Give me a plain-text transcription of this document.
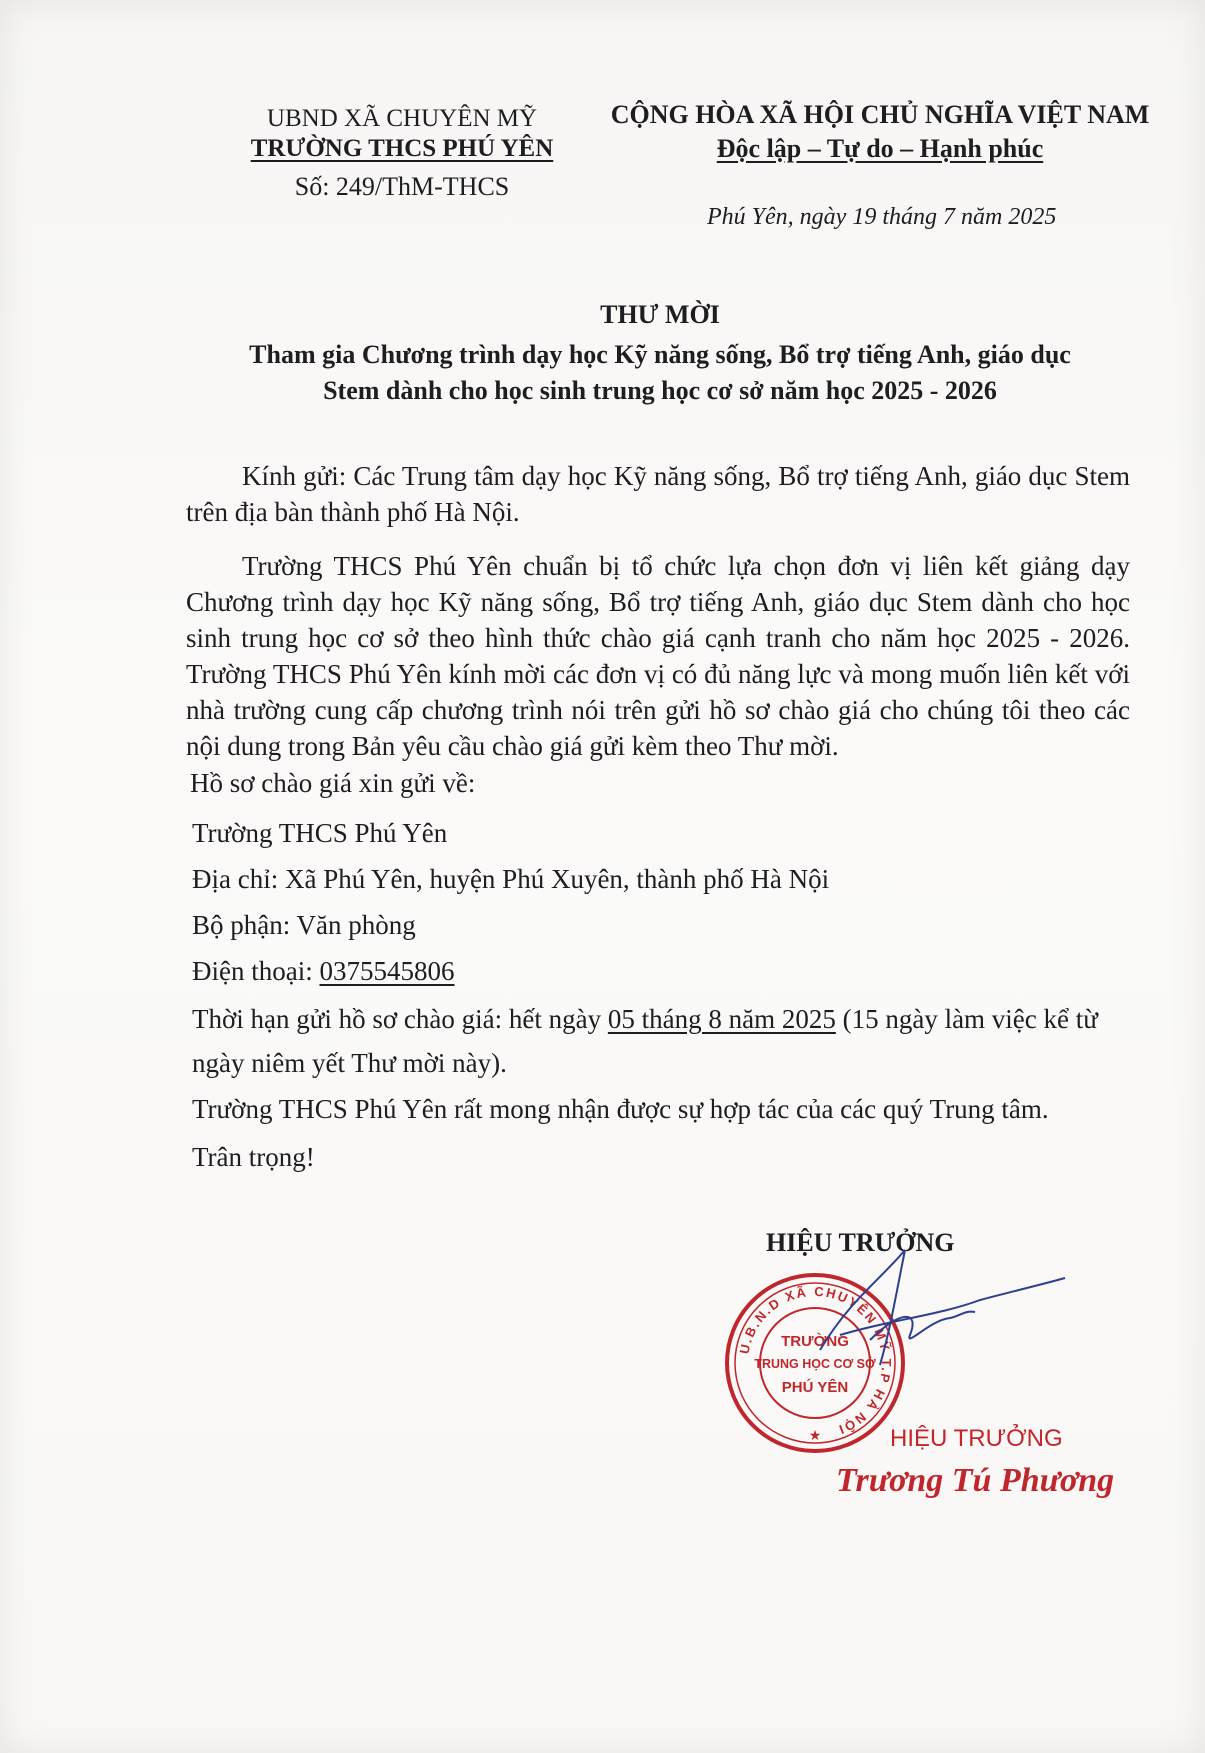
UBND XÃ CHUYÊN MỸ
TRƯỜNG THCS PHÚ YÊN
Số: 249/ThM-THCS
CỘNG HÒA XÃ HỘI CHỦ NGHĨA VIỆT NAM
Độc lập – Tự do – Hạnh phúc
Phú Yên, ngày 19 tháng 7 năm 2025
THƯ MỜI
Tham gia Chương trình dạy học Kỹ năng sống, Bổ trợ tiếng Anh, giáo dục
Stem dành cho học sinh trung học cơ sở năm học 2025 - 2026
Kính gửi: Các Trung tâm dạy học Kỹ năng sống, Bổ trợ tiếng Anh, giáo dục Stem trên địa bàn thành phố Hà Nội.
Trường THCS Phú Yên chuẩn bị tổ chức lựa chọn đơn vị liên kết giảng dạy Chương trình dạy học Kỹ năng sống, Bổ trợ tiếng Anh, giáo dục Stem dành cho học sinh trung học cơ sở theo hình thức chào giá cạnh tranh cho năm học 2025 - 2026. Trường THCS Phú Yên kính mời các đơn vị có đủ năng lực và mong muốn liên kết với nhà trường cung cấp chương trình nói trên gửi hồ sơ chào giá cho chúng tôi theo các nội dung trong Bản yêu cầu chào giá gửi kèm theo Thư mời.
Hồ sơ chào giá xin gửi về:
Trường THCS Phú Yên
Địa chỉ: Xã Phú Yên, huyện Phú Xuyên, thành phố Hà Nội
Bộ phận: Văn phòng
Điện thoại: 0375545806
Thời hạn gửi hồ sơ chào giá: hết ngày 05 tháng 8 năm 2025 (15 ngày làm việc kể từ
ngày niêm yết Thư mời này).
Trường THCS Phú Yên rất mong nhận được sự hợp tác của các quý Trung tâm.
Trân trọng!
HIỆU TRƯỞNG
U.B.N.D XÃ CHUYÊN MỸ T.P HÀ NỘI
TRƯỜNG
TRUNG HỌC CƠ SỞ
PHÚ YÊN
★	HIỆU TRƯỞNG
Trương Tú Phương
